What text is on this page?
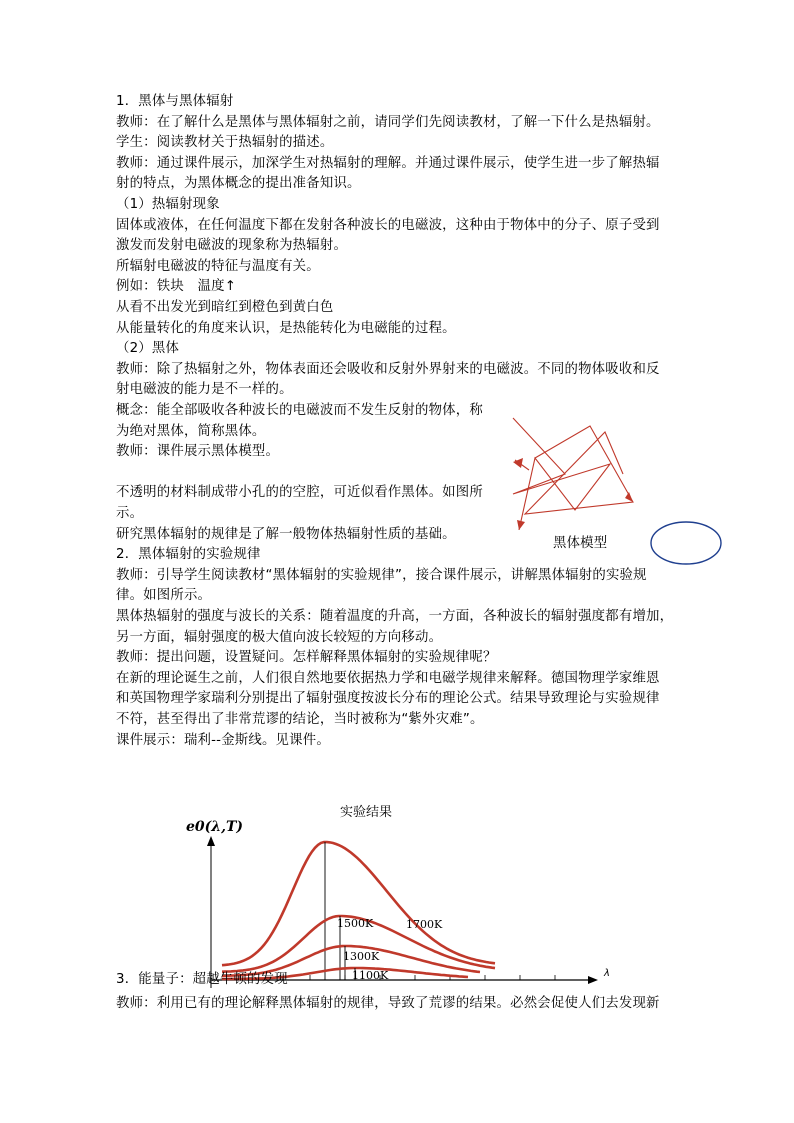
1．黑体与黑体辐射
教师：在了解什么是黑体与黑体辐射之前，请同学们先阅读教材，了解一下什么是热辐射。
学生：阅读教材关于热辐射的描述。
教师：通过课件展示，加深学生对热辐射的理解。并通过课件展示，使学生进一步了解热辐
射的特点，为黑体概念的提出准备知识。
（1）热辐射现象
固体或液体，在任何温度下都在发射各种波长的电磁波，这种由于物体中的分子、原子受到
激发而发射电磁波的现象称为热辐射。
所辐射电磁波的特征与温度有关。
例如：铁块　温度↑
从看不出发光到暗红到橙色到黄白色
从能量转化的角度来认识，是热能转化为电磁能的过程。
（2）黑体
教师：除了热辐射之外，物体表面还会吸收和反射外界射来的电磁波。不同的物体吸收和反
射电磁波的能力是不一样的。
概念：能全部吸收各种波长的电磁波而不发生反射的物体，称
为绝对黑体，简称黑体。
教师：课件展示黑体模型。
不透明的材料制成带小孔的的空腔，可近似看作黑体。如图所
示。
研究黑体辐射的规律是了解一般物体热辐射性质的基础。
2．黑体辐射的实验规律
教师：引导学生阅读教材“黑体辐射的实验规律”，接合课件展示，讲解黑体辐射的实验规
律。如图所示。
黑体热辐射的强度与波长的关系：随着温度的升高，一方面，各种波长的辐射强度都有增加，
另一方面，辐射强度的极大值向波长较短的方向移动。
教师：提出问题，设置疑问。怎样解释黑体辐射的实验规律呢？
在新的理论诞生之前，人们很自然地要依据热力学和电磁学规律来解释。德国物理学家维恩
和英国物理学家瑞利分别提出了辐射强度按波长分布的理论公式。结果导致理论与实验规律
不符，甚至得出了非常荒谬的结论，当时被称为“紫外灾难”。
课件展示：瑞利--金斯线。见课件。
黑体模型
实验结果
e0(λ,T)
λ
1700K
1500K
1300K
1100K
3．能量子：超越牛顿的发现
教师：利用已有的理论解释黑体辐射的规律，导致了荒谬的结果。必然会促使人们去发现新
